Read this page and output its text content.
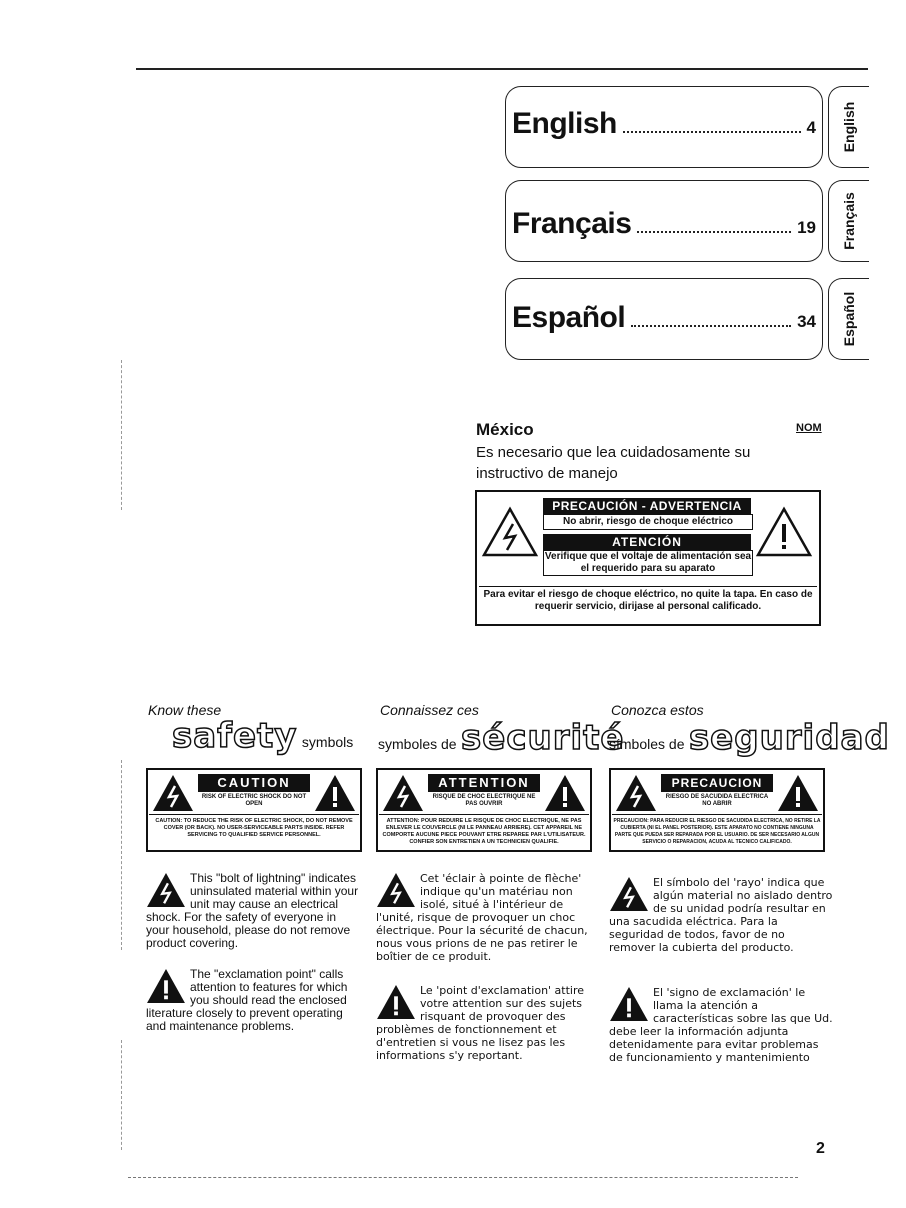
English	4 English
Français	19 Français
Español	34 Español
México	NOM
Es necesario que lea cuidadosamente su instructivo de manejo
PRECAUCIÓN - ADVERTENCIA
No abrir, riesgo de choque eléctrico
ATENCIÓN
Verifique que el voltaje de alimentación sea el requerido para su aparato
Para evitar el riesgo de choque eléctrico, no quite la tapa. En caso de requerir servicio, dirijase al personal calificado.
Know these
safety symbols
CAUTION
RISK OF ELECTRIC SHOCK DO NOT OPEN
CAUTION: TO REDUCE THE RISK OF ELECTRIC SHOCK, DO NOT REMOVE COVER (OR BACK). NO USER-SERVICEABLE PARTS INSIDE. REFER SERVICING TO QUALIFIED SERVICE PERSONNEL.
This "bolt of lightning" indicates uninsulated material within your unit may cause an electrical shock. For the safety of everyone in your household, please do not remove product covering.
The "exclamation point" calls attention to features for which you should read the enclosed literature closely to prevent operating and maintenance problems.
Connaissez ces
symboles de sécurité
ATTENTION
RISQUE DE CHOC ELECTRIQUE NE PAS OUVRIR
ATTENTION: POUR REDUIRE LE RISQUE DE CHOC ELECTRIQUE, NE PAS ENLEVER LE COUVERCLE (NI LE PANNEAU ARRIERE). CET APPAREIL NE COMPORTE AUCUNE PIECE POUVANT ETRE REPAREE PAR L'UTILISATEUR. CONFIER SON ENTRETIEN A UN TECHNICIEN QUALIFIE.
Cet 'éclair à pointe de flèche' indique qu'un matériau non isolé, situé à l'intérieur de l'unité, risque de provoquer un choc électrique. Pour la sécurité de chacun, nous vous prions de ne pas retirer le boîtier de ce produit.
Le 'point d'exclamation' attire votre attention sur des sujets risquant de provoquer des problèmes de fonctionnement et d'entretien si vous ne lisez pas les informations s'y reportant.
Conozca estos
símboles de seguridad
PRECAUCION
RIESGO DE SACUDIDA ELECTRICA NO ABRIR
PRECAUCION: PARA REDUCIR EL RIESGO DE SACUDIDA ELECTRICA, NO RETIRE LA CUBIERTA (NI EL PANEL POSTERIOR). ESTE APARATO NO CONTIENE NINGUNA PARTE QUE PUEDA SER REPARADA POR EL USUARIO. DE SER NECESARIO ALGUN SERVICIO O REPARACION, ACUDA AL TECNICO CALIFICADO.
El símbolo del 'rayo' indica que algún material no aislado dentro de su unidad podría resultar en una sacudida eléctrica. Para la seguridad de todos, favor de no remover la cubierta del producto.
El 'signo de exclamación' le llama la atención a características sobre las que Ud. debe leer la información adjunta detenidamente para evitar problemas de funcionamiento y mantenimiento
2
